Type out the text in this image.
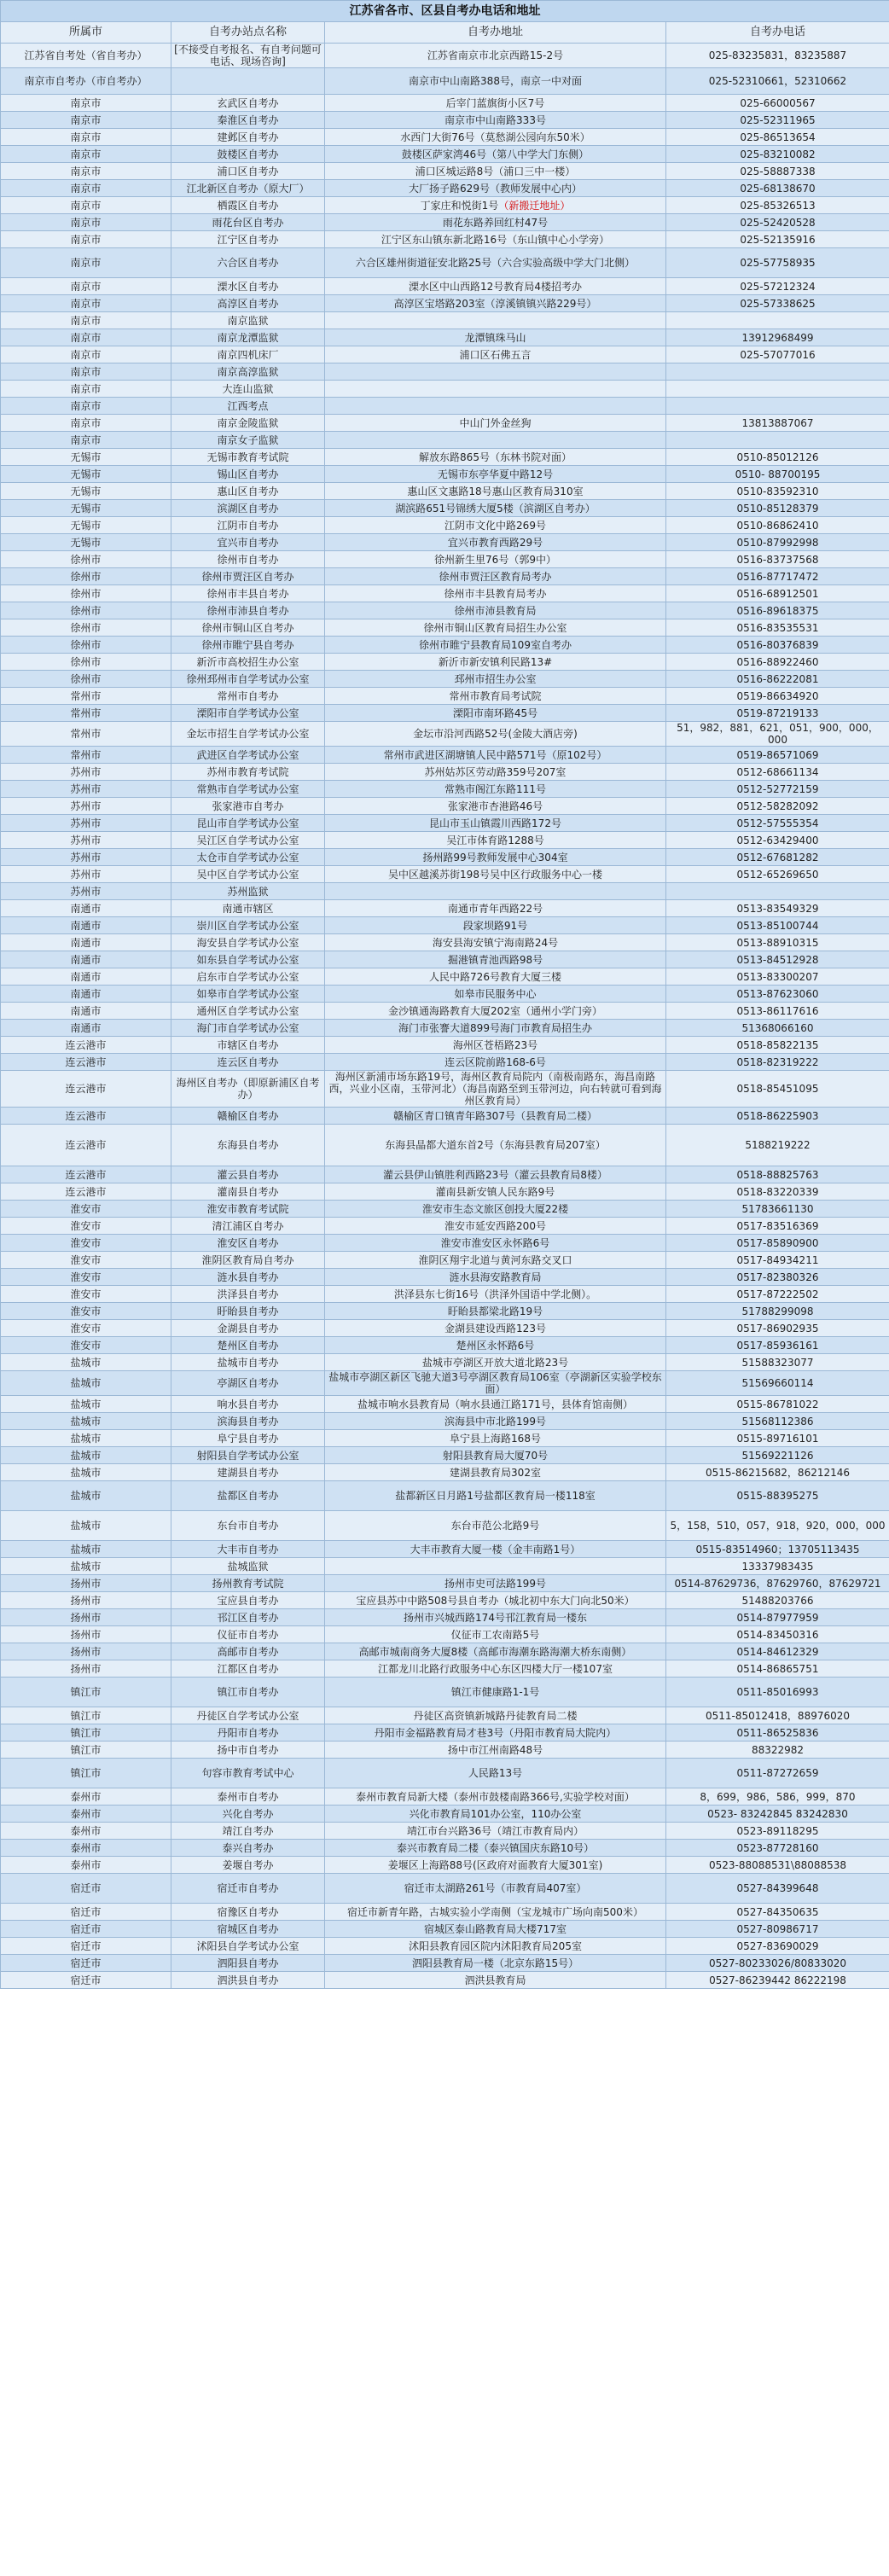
江苏省各市、区县自考办电话和地址			
所属市	自考办站点名称	自考办地址	自考办电话
江苏省自考处（省自考办）	[不接受自考报名、有自考问题可电话、现场咨询]	江苏省南京市北京西路15-2号	025-83235831，83235887
南京市自考办（市自考办）		南京市中山南路388号，南京一中对面	025-52310661，52310662
南京市	玄武区自考办	后宰门蓝旗街小区7号	025-66000567
南京市	秦淮区自考办	南京市中山南路333号	025-52311965
南京市	建邺区自考办	水西门大街76号（莫愁湖公园向东50米）	025-86513654
南京市	鼓楼区自考办	鼓楼区萨家湾46号（第八中学大门东侧）	025-83210082
南京市	浦口区自考办	浦口区城运路8号（浦口三中一楼）	025-58887338
南京市	江北新区自考办（原大厂）	大厂扬子路629号（教师发展中心内）	025-68138670
南京市	栖霞区自考办	丁家庄和悦街1号（新搬迁地址）	025-85326513
南京市	雨花台区自考办	雨花东路养回红村47号	025-52420528
南京市	江宁区自考办	江宁区东山镇东新北路16号（东山镇中心小学旁）	025-52135916
南京市	六合区自考办	六合区雄州街道征安北路25号（六合实验高级中学大门北侧）	025-57758935
南京市	溧水区自考办	溧水区中山西路12号教育局4楼招考办	025-57212324
南京市	高淳区自考办	高淳区宝塔路203室（淳溪镇镇兴路229号）	025-57338625
南京市	南京监狱		
南京市	南京龙潭监狱	龙潭镇珠马山	13912968499
南京市	南京四机床厂	浦口区石佛五言	025-57077016
南京市	南京高淳监狱		
南京市	大连山监狱		
南京市	江西考点		
南京市	南京金陵监狱	中山门外金丝狗	13813887067
南京市	南京女子监狱		
无锡市	无锡市教育考试院	解放东路865号（东林书院对面）	0510-85012126
无锡市	锡山区自考办	无锡市东亭华夏中路12号	0510- 88700195
无锡市	惠山区自考办	惠山区文惠路18号惠山区教育局310室	0510-83592310
无锡市	滨湖区自考办	湖滨路651号锦绣大厦5楼（滨湖区自考办）	0510-85128379
无锡市	江阴市自考办	江阴市文化中路269号	0510-86862410
无锡市	宜兴市自考办	宜兴市教育西路29号	0510-87992998
徐州市	徐州市自考办	徐州新生里76号（郭9中）	0516-83737568
徐州市	徐州市贾汪区自考办	徐州市贾汪区教育局考办	0516-87717472
徐州市	徐州市丰县自考办	徐州市丰县教育局考办	0516-68912501
徐州市	徐州市沛县自考办	徐州市沛县教育局	0516-89618375
徐州市	徐州市铜山区自考办	徐州市铜山区教育局招生办公室	0516-83535531
徐州市	徐州市睢宁县自考办	徐州市睢宁县教育局109室自考办	0516-80376839
徐州市	新沂市高校招生办公室	新沂市新安镇利民路13#	0516-88922460
徐州市	徐州邳州市自学考试办公室	邳州市招生办公室	0516-86222081
常州市	常州市自考办	常州市教育局考试院	0519-86634920
常州市	溧阳市自学考试办公室	溧阳市南环路45号	0519-87219133
常州市	金坛市招生自学考试办公室	金坛市沿河西路52号(金陵大酒店旁)	51，982，881，621，051，900，000，000
常州市	武进区自学考试办公室	常州市武进区湖塘镇人民中路571号（原102号）	0519-86571069
苏州市	苏州市教育考试院	苏州姑苏区劳动路359号207室	0512-68661134
苏州市	常熟市自学考试办公室	常熟市阁江东路111号	0512-52772159
苏州市	张家港市自考办	张家港市杏港路46号	0512-58282092
苏州市	昆山市自学考试办公室	昆山市玉山镇霞川西路172号	0512-57555354
苏州市	吴江区自学考试办公室	吴江市体育路1288号	0512-63429400
苏州市	太仓市自学考试办公室	扬州路99号教师发展中心304室	0512-67681282
苏州市	吴中区自学考试办公室	吴中区越溪苏街198号吴中区行政服务中心一楼	0512-65269650
苏州市	苏州监狱		
南通市	南通市辖区	南通市青年西路22号	0513-83549329
南通市	崇川区自学考试办公室	段家坝路91号	0513-85100744
南通市	海安县自学考试办公室	海安县海安镇宁海南路24号	0513-88910315
南通市	如东县自学考试办公室	掘港镇青池西路98号	0513-84512928
南通市	启东市自学考试办公室	人民中路726号教育大厦三楼	0513-83300207
南通市	如皋市自学考试办公室	如皋市民服务中心	0513-87623060
南通市	通州区自学考试办公室	金沙镇通海路教育大厦202室（通州小学门旁）	0513-86117616
南通市	海门市自学考试办公室	海门市张謇大道899号海门市教育局招生办	51368066160
连云港市	市辖区自考办	海州区苍梧路23号	0518-85822135
连云港市	连云区自考办	连云区院前路168-6号	0518-82319222
连云港市	海州区自考办（即原新浦区自考办）	海州区新浦市场东路19号，海州区教育局院内（南极南路东，海昌南路西，兴业小区南，玉带河北）（海昌南路至到玉带河边，向右转就可看到海州区教育局）	0518-85451095
连云港市	赣榆区自考办	赣榆区青口镇青年路307号（县教育局二楼）	0518-86225903
连云港市	东海县自考办	东海县晶都大道东首2号（东海县教育局207室）	5188219222
连云港市	灌云县自考办	灌云县伊山镇胜利西路23号（灌云县教育局8楼）	0518-88825763
连云港市	灌南县自考办	灌南县新安镇人民东路9号	0518-83220339
淮安市	淮安市教育考试院	淮安市生态文旅区创投大厦22楼	51783661130
淮安市	清江浦区自考办	淮安市延安西路200号	0517-83516369
淮安市	淮安区自考办	淮安市淮安区永怀路6号	0517-85890900
淮安市	淮阴区教育局自考办	淮阴区翔宇北道与黄河东路交叉口	0517-84934211
淮安市	涟水县自考办	涟水县海安路教育局	0517-82380326
淮安市	洪泽县自考办	洪泽县东七街16号（洪泽外国语中学北侧）。	0517-87222502
淮安市	盱眙县自考办	盱眙县都梁北路19号	51788299098
淮安市	金湖县自考办	金湖县建设西路123号	0517-86902935
淮安市	楚州区自考办	楚州区永怀路6号	0517-85936161
盐城市	盐城市自考办	盐城市亭湖区开放大道北路23号	51588323077
盐城市	亭湖区自考办	盐城市亭湖区新区飞驰大道3号亭湖区教育局106室（亭湖新区实验学校东面）	51569660114
盐城市	响水县自考办	盐城市响水县教育局（响水县通江路171号，县体育馆南侧）	0515-86781022
盐城市	滨海县自考办	滨海县中市北路199号	51568112386
盐城市	阜宁县自考办	阜宁县上海路168号	0515-89716101
盐城市	射阳县自学考试办公室	射阳县教育局大厦70号	51569221126
盐城市	建湖县自考办	建湖县教育局302室	0515-86215682，86212146
盐城市	盐都区自考办	盐都新区日月路1号盐都区教育局一楼118室	0515-88395275
盐城市	东台市自考办	东台市范公北路9号	5，158，510，057，918，920，000，000
盐城市	大丰市自考办	大丰市教育大厦一楼（金丰南路1号）	0515-83514960；13705113435
盐城市	盐城监狱		13337983435
扬州市	扬州教育考试院	扬州市史可法路199号	0514-87629736，87629760，87629721
扬州市	宝应县自考办	宝应县苏中中路508号县自考办（城北初中东大门向北50米）	51488203766
扬州市	邗江区自考办	扬州市兴城西路174号邗江教育局一楼东	0514-87977959
扬州市	仪征市自考办	仪征市工农南路5号	0514-83450316
扬州市	高邮市自考办	高邮市城南商务大厦8楼（高邮市海潮东路海潮大桥东南侧）	0514-84612329
扬州市	江都区自考办	江都龙川北路行政服务中心东区四楼大厅一楼107室	0514-86865751
镇江市	镇江市自考办	镇江市健康路1-1号	0511-85016993
镇江市	丹徒区自学考试办公室	丹徒区高资镇新城路丹徒教育局二楼	0511-85012418，88976020
镇江市	丹阳市自考办	丹阳市金福路教育局才巷3号（丹阳市教育局大院内）	0511-86525836
镇江市	扬中市自考办	扬中市江州南路48号	88322982
镇江市	句容市教育考试中心	人民路13号	0511-87272659
泰州市	泰州市自考办	泰州市教育局新大楼（泰州市鼓楼南路366号,实验学校对面）	8，699，986，586，999，870
泰州市	兴化自考办	兴化市教育局101办公室，110办公室	0523- 83242845 83242830
泰州市	靖江自考办	靖江市台兴路36号（靖江市教育局内）	0523-89118295
泰州市	泰兴自考办	泰兴市教育局二楼（泰兴镇国庆东路10号）	0523-87728160
泰州市	姜堰自考办	姜堰区上海路88号(区政府对面教育大厦301室)	0523-88088531\88088538
宿迁市	宿迁市自考办	宿迁市太湖路261号（市教育局407室）	0527-84399648
宿迁市	宿豫区自考办	宿迁市新青年路，古城实验小学南侧（宝龙城市广场向南500米）	0527-84350635
宿迁市	宿城区自考办	宿城区泰山路教育局大楼717室	0527-80986717
宿迁市	沭阳县自学考试办公室	沭阳县教育园区院内沭阳教育局205室	0527-83690029
宿迁市	泗阳县自考办	泗阳县教育局一楼（北京东路15号）	0527-80233026/80833020
宿迁市	泗洪县自考办	泗洪县教育局	0527-86239442 86222198
